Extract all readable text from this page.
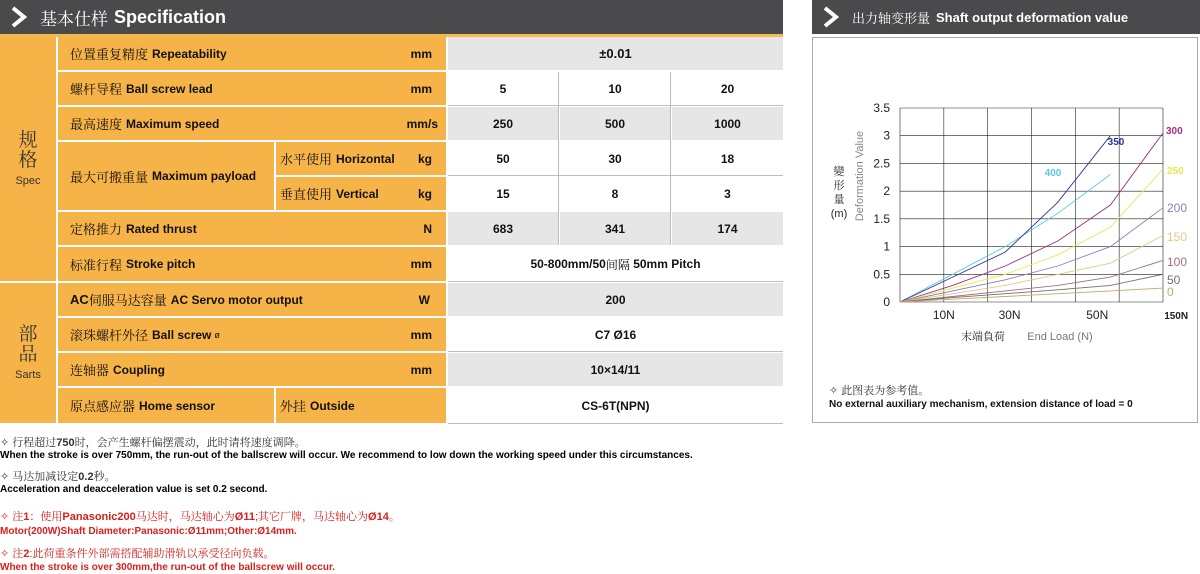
基本仕样 Specification	出力轴变形量 Shaft output deformation value
规
格
Spec
部
品
Sarts
位置重复精度 Repeatability	mm	±0.01
螺杆导程 Ball screw lead	mm	5	10	20
最高速度 Maximum speed	mm/s	250	500	1000
最大可搬重量 Maximum payload
水平使用 Horizontal	kg	50	30	18
垂直使用 Vertical	kg	15	8	3
定格推力 Rated thrust	N	683	341	174
标准行程 Stroke pitch	mm	50-800mm/50 间隔
50mm Pitch
AC 伺服马达容量 AC Servo motor output	W	200
滚珠螺杆外径 Ball screw ø	mm	C7 Ø16
连轴器 Coupling	mm	10×14/11
原点感应器 Home sensor	外挂 Outside	CS-6T(NPN)
0
0.5
1
1.5
2
2.5
3
3.5
10N	30N	50N	150N
末端負荷 End Load (N)
變形量(m) Deformation Value	400
350
300
250
200
150
100
50
0
✧ 此图表为参考值。
No external auxiliary mechanism, extension distance of load = 0
✧ 行程超过750时，会产生螺杆偏摆震动，此时请将速度调降。
When the stroke is over 750mm, the run-out of the ballscrew will occur. We recommend to low down the working speed under this circumstances.
✧ 马达加减设定0.2秒。
Acceleration and deacceleration value is set 0.2 second.
✧ 注1：使用Panasonic200马达时，马达轴心为Ø11;其它厂牌，马达轴心为Ø14。
Motor(200W)Shaft Diameter:Panasonic:Ø11mm;Other:Ø14mm.
✧ 注2:此荷重条件外部需搭配辅助滑轨以承受径向负载。
When the stroke is over 300mm,the run-out of the ballscrew will occur.
